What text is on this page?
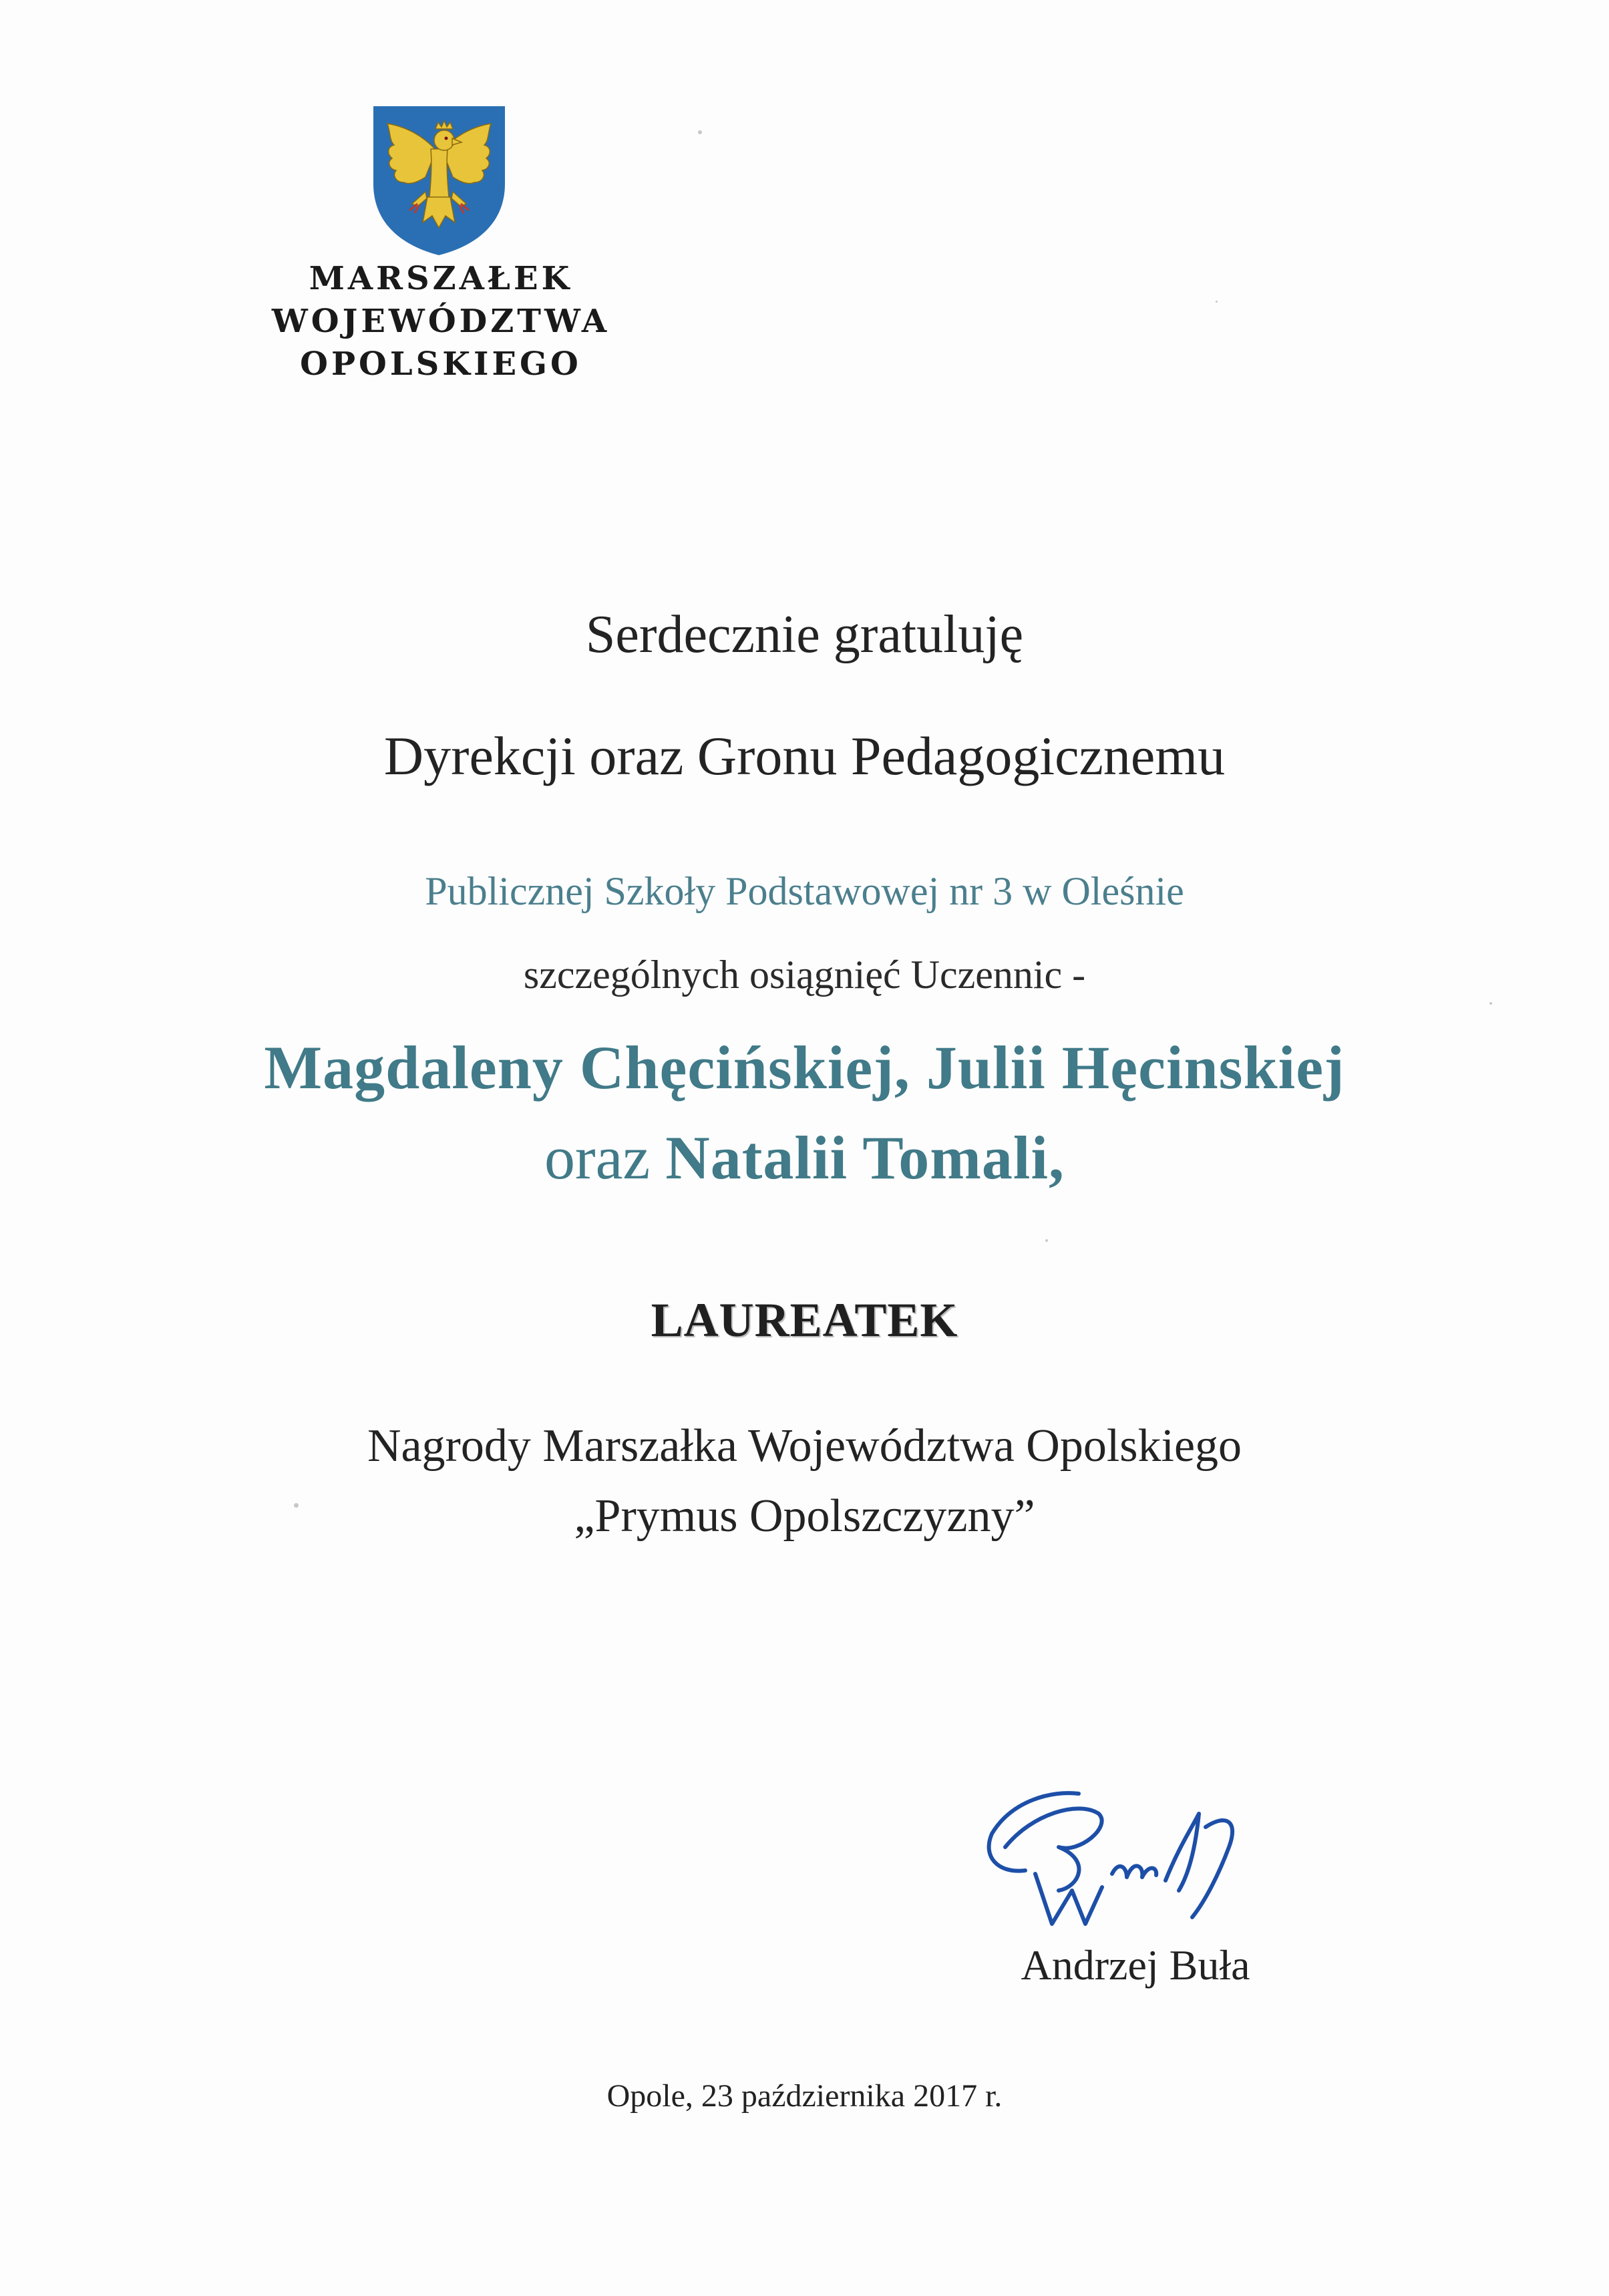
MARSZAŁEK
WOJEWÓDZTWA
OPOLSKIEGO
Serdecznie gratuluję
Dyrekcji oraz Gronu Pedagogicznemu
Publicznej Szkoły Podstawowej nr 3 w Oleśnie
szczególnych osiągnięć Uczennic -
Magdaleny Chęcińskiej, Julii Hęcinskiej
oraz Natalii Tomali,
LAUREATEK
Nagrody Marszałka Województwa Opolskiego
„Prymus Opolszczyzny”
Andrzej Buła
Opole, 23 października 2017 r.
